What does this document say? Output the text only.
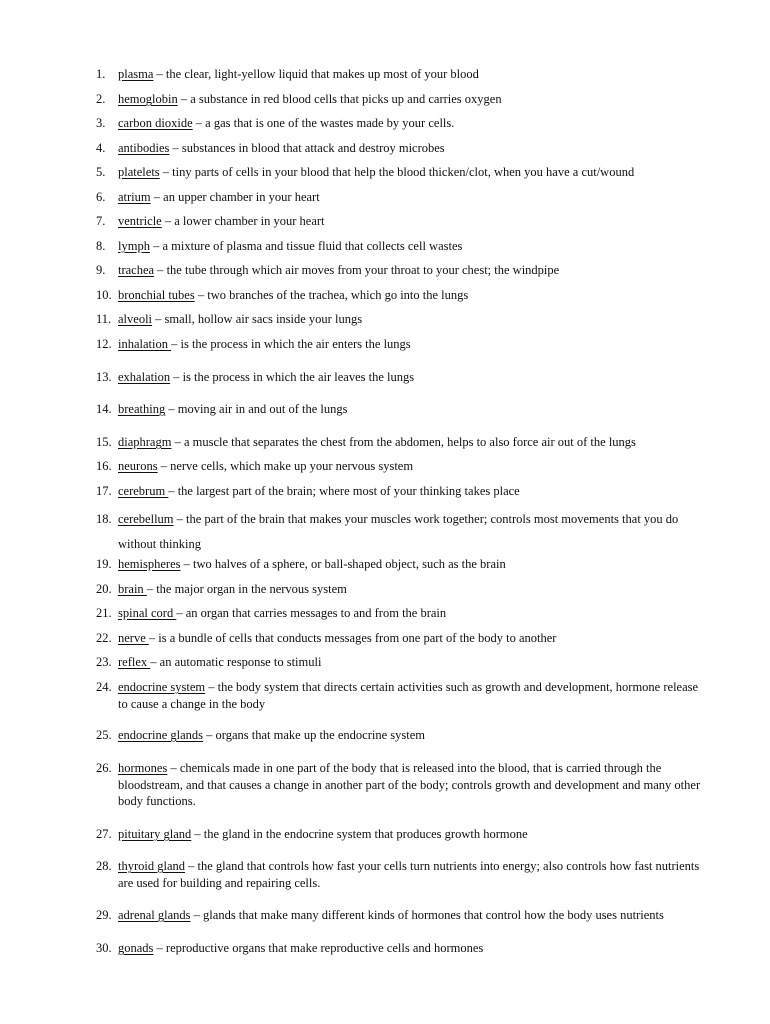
1.	plasma – the clear, light-yellow liquid that makes up most of your blood
2.	hemoglobin – a substance in red blood cells that picks up and carries oxygen
3.	carbon dioxide – a gas that is one of the wastes made by your cells.
4.	antibodies – substances in blood that attack and destroy microbes
5.	platelets – tiny parts of cells in your blood that help the blood thicken/clot, when you have a cut/wound
6.	atrium – an upper chamber in your heart
7.	ventricle – a lower chamber in your heart
8.	lymph – a mixture of plasma and tissue fluid that collects cell wastes
9.	trachea – the tube through which air moves from your throat to your chest; the windpipe
10. bronchial tubes – two branches of the trachea, which go into the lungs
11. alveoli – small, hollow air sacs inside your lungs
12. inhalation – is the process in which the air enters the lungs
13. exhalation – is the process in which the air leaves the lungs
14. breathing – moving air in and out of the lungs
15. diaphragm – a muscle that separates the chest from the abdomen, helps to also force air out of the lungs
16. neurons – nerve cells, which make up your nervous system
17. cerebrum – the largest part of the brain; where most of your thinking takes place
18. cerebellum – the part of the brain that makes your muscles work together; controls most movements that you do without thinking
19. hemispheres – two halves of a sphere, or ball-shaped object, such as the brain
20. brain – the major organ in the nervous system
21. spinal cord – an organ that carries messages to and from the brain
22. nerve – is a bundle of cells that conducts messages from one part of the body to another
23. reflex – an automatic response to stimuli
24. endocrine system – the body system that directs certain activities such as growth and development, hormone release to cause a change in the body
25. endocrine glands – organs that make up the endocrine system
26. hormones – chemicals made in one part of the body that is released into the blood, that is carried through the bloodstream, and that causes a change in another part of the body; controls growth and development and many other body functions.
27. pituitary gland – the gland in the endocrine system that produces growth hormone
28. thyroid gland – the gland that controls how fast your cells turn nutrients into energy; also controls how fast nutrients are used for building and repairing cells.
29. adrenal glands – glands that make many different kinds of hormones that control how the body uses nutrients
30. gonads – reproductive organs that make reproductive cells and hormones
